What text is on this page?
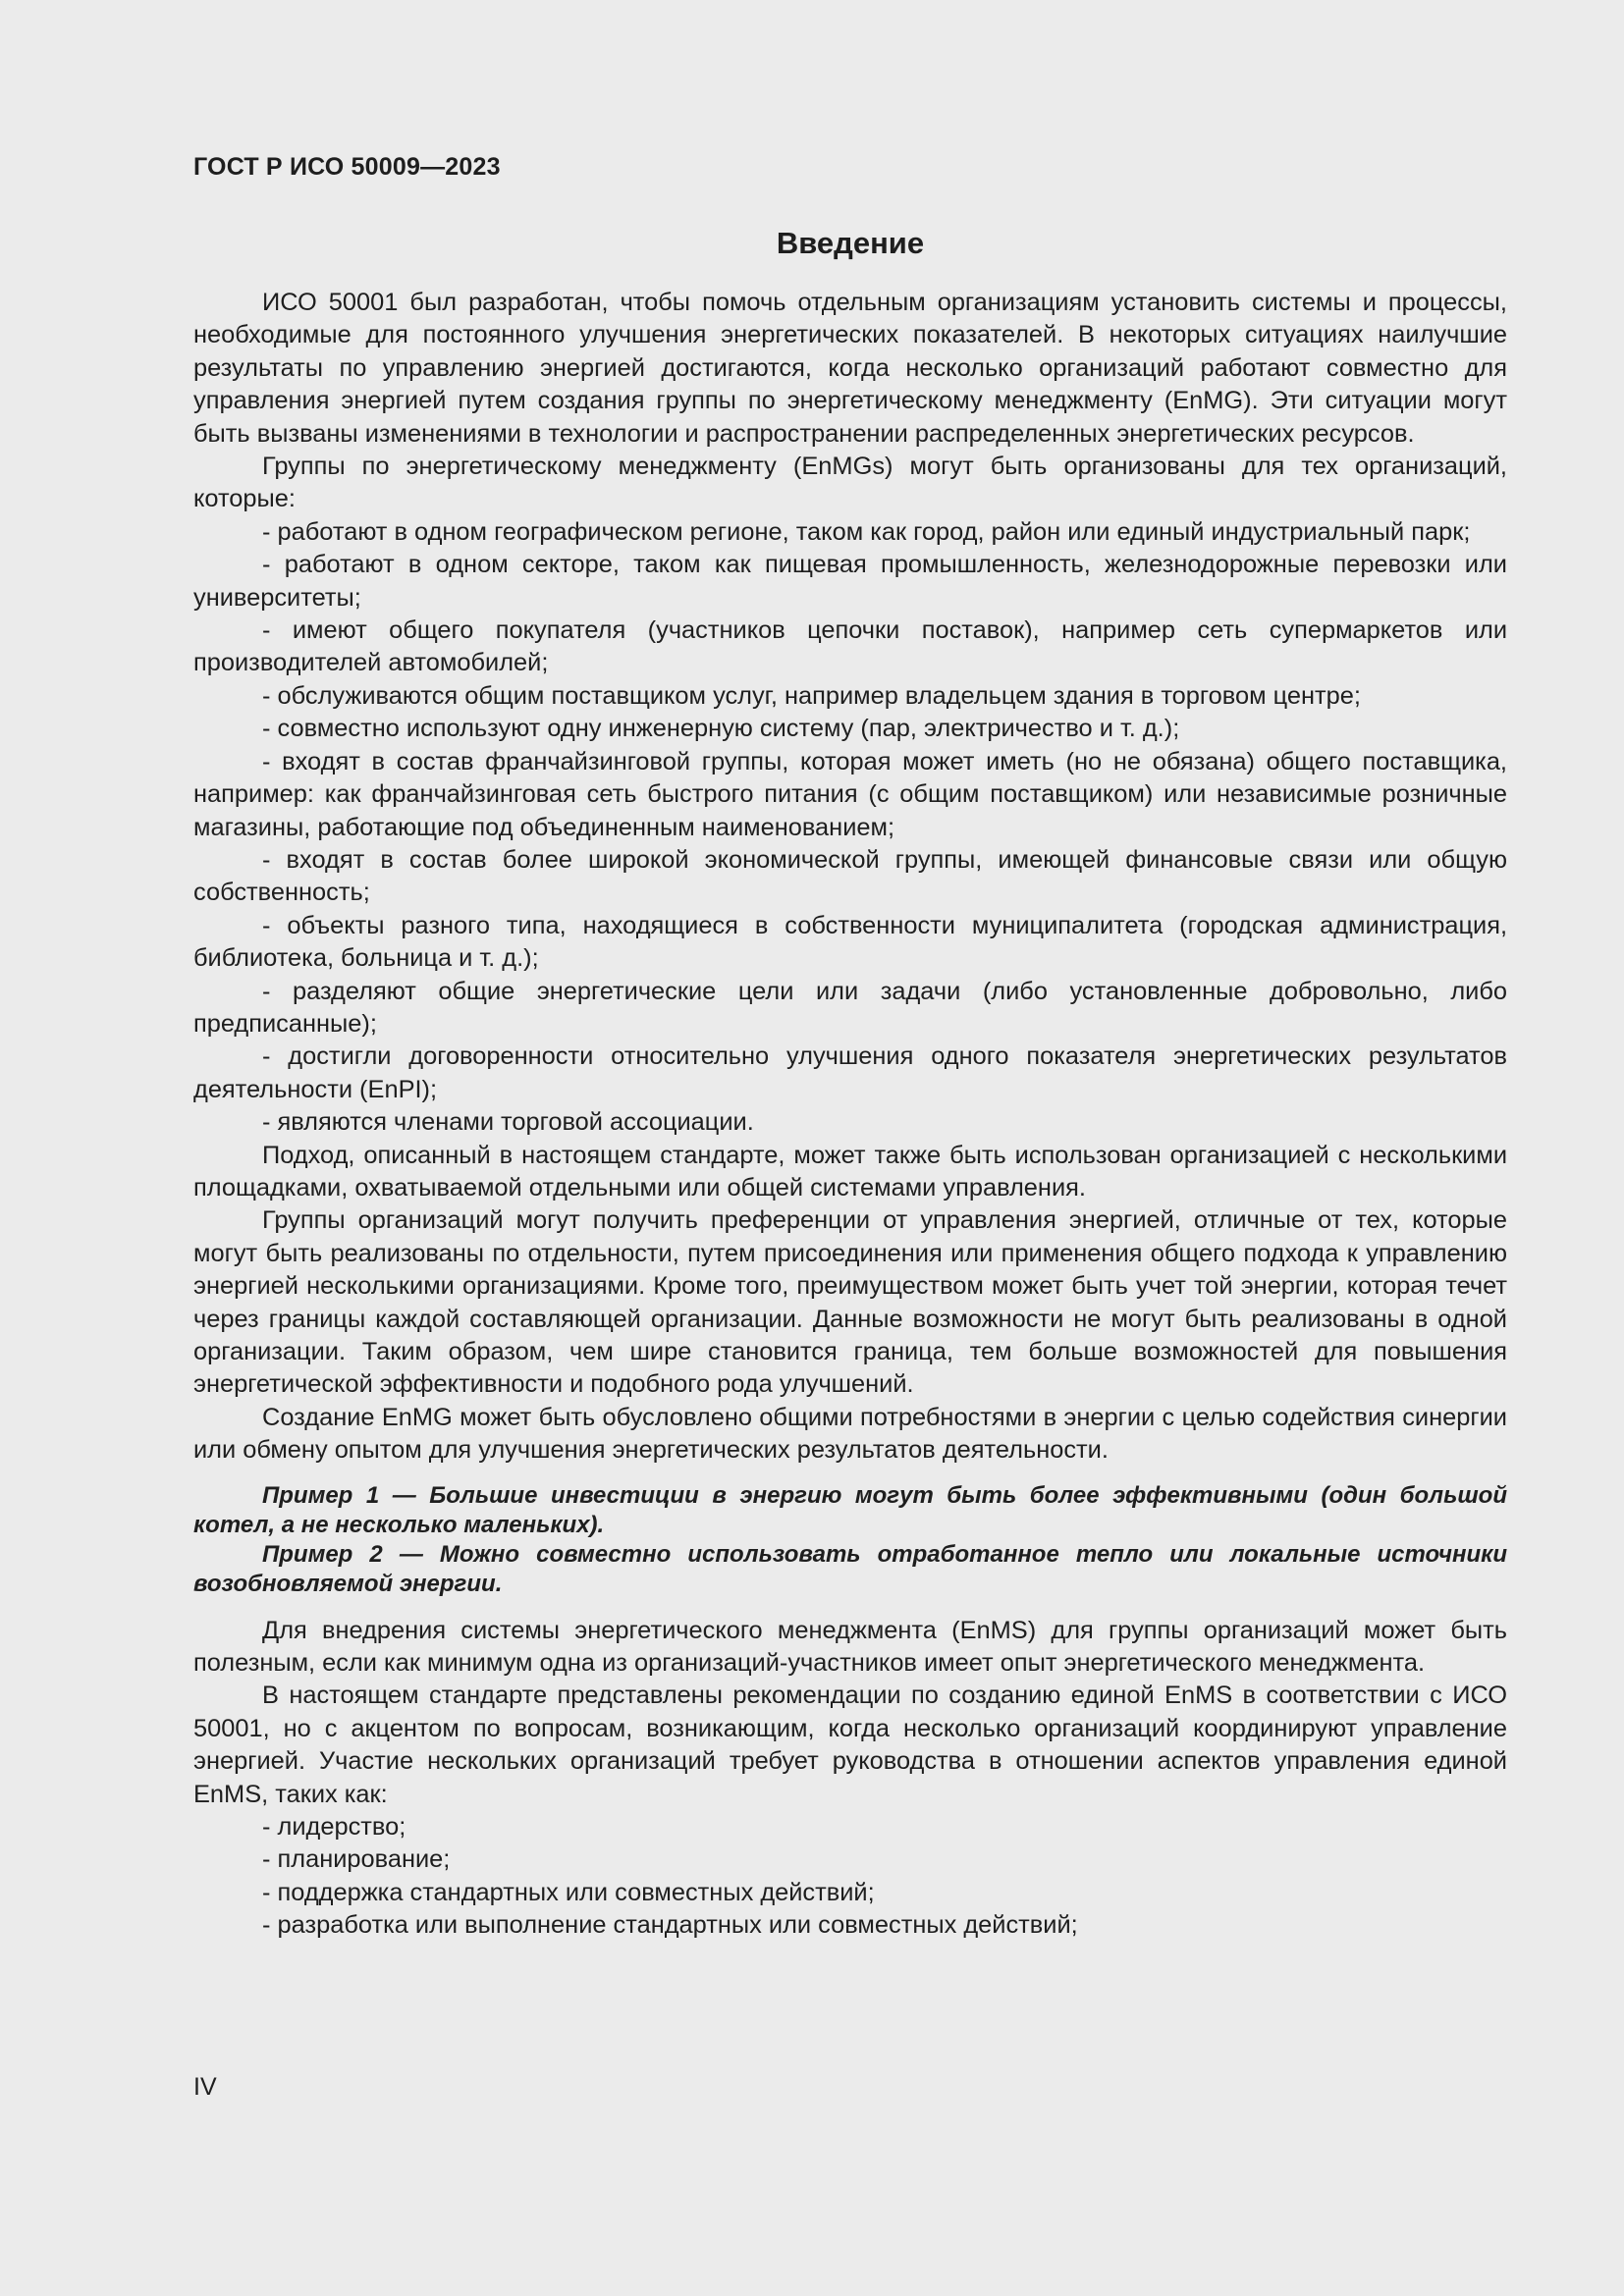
ГОСТ Р ИСО 50009—2023
Введение

ИСО 50001 был разработан, чтобы помочь отдельным организациям установить системы и процессы, необходимые для постоянного улучшения энергетических показателей. В некоторых ситуациях наилучшие результаты по управлению энергией достигаются, когда несколько организаций работают совместно для управления энергией путем создания группы по энергетическому менеджменту (EnMG). Эти ситуации могут быть вызваны изменениями в технологии и распространении распределенных энергетических ресурсов.

Группы по энергетическому менеджменту (EnMGs) могут быть организованы для тех организаций, которые:

- работают в одном географическом регионе, таком как город, район или единый индустриальный парк;

- работают в одном секторе, таком как пищевая промышленность, железнодорожные перевозки или университеты;

- имеют общего покупателя (участников цепочки поставок), например сеть супермаркетов или производителей автомобилей;

- обслуживаются общим поставщиком услуг, например владельцем здания в торговом центре;

- совместно используют одну инженерную систему (пар, электричество и т. д.);

- входят в состав франчайзинговой группы, которая может иметь (но не обязана) общего поставщика, например: как франчайзинговая сеть быстрого питания (с общим поставщиком) или независимые розничные магазины, работающие под объединенным наименованием;

- входят в состав более широкой экономической группы, имеющей финансовые связи или общую собственность;

- объекты разного типа, находящиеся в собственности муниципалитета (городская администрация, библиотека, больница и т. д.);

- разделяют общие энергетические цели или задачи (либо установленные добровольно, либо предписанные);

- достигли договоренности относительно улучшения одного показателя энергетических результатов деятельности (EnPI);

- являются членами торговой ассоциации.

Подход, описанный в настоящем стандарте, может также быть использован организацией с несколькими площадками, охватываемой отдельными или общей системами управления.

Группы организаций могут получить преференции от управления энергией, отличные от тех, которые могут быть реализованы по отдельности, путем присоединения или применения общего подхода к управлению энергией несколькими организациями. Кроме того, преимуществом может быть учет той энергии, которая течет через границы каждой составляющей организации. Данные возможности не могут быть реализованы в одной организации. Таким образом, чем шире становится граница, тем больше возможностей для повышения энергетической эффективности и подобного рода улучшений.

Создание EnMG может быть обусловлено общими потребностями в энергии с целью содействия синергии или обмену опытом для улучшения энергетических результатов деятельности.

Пример 1 — Большие инвестиции в энергию могут быть более эффективными (один большой котел, а не несколько маленьких).

Пример 2 — Можно совместно использовать отработанное тепло или локальные источники возобновляемой энергии.

Для внедрения системы энергетического менеджмента (EnMS) для группы организаций может быть полезным, если как минимум одна из организаций-участников имеет опыт энергетического менеджмента.

В настоящем стандарте представлены рекомендации по созданию единой EnMS в соответствии с ИСО 50001, но с акцентом по вопросам, возникающим, когда несколько организаций координируют управление энергией. Участие нескольких организаций требует руководства в отношении аспектов управления единой EnMS, таких как:

- лидерство;

- планирование;

- поддержка стандартных или совместных действий;

- разработка или выполнение стандартных или совместных действий;

IV
